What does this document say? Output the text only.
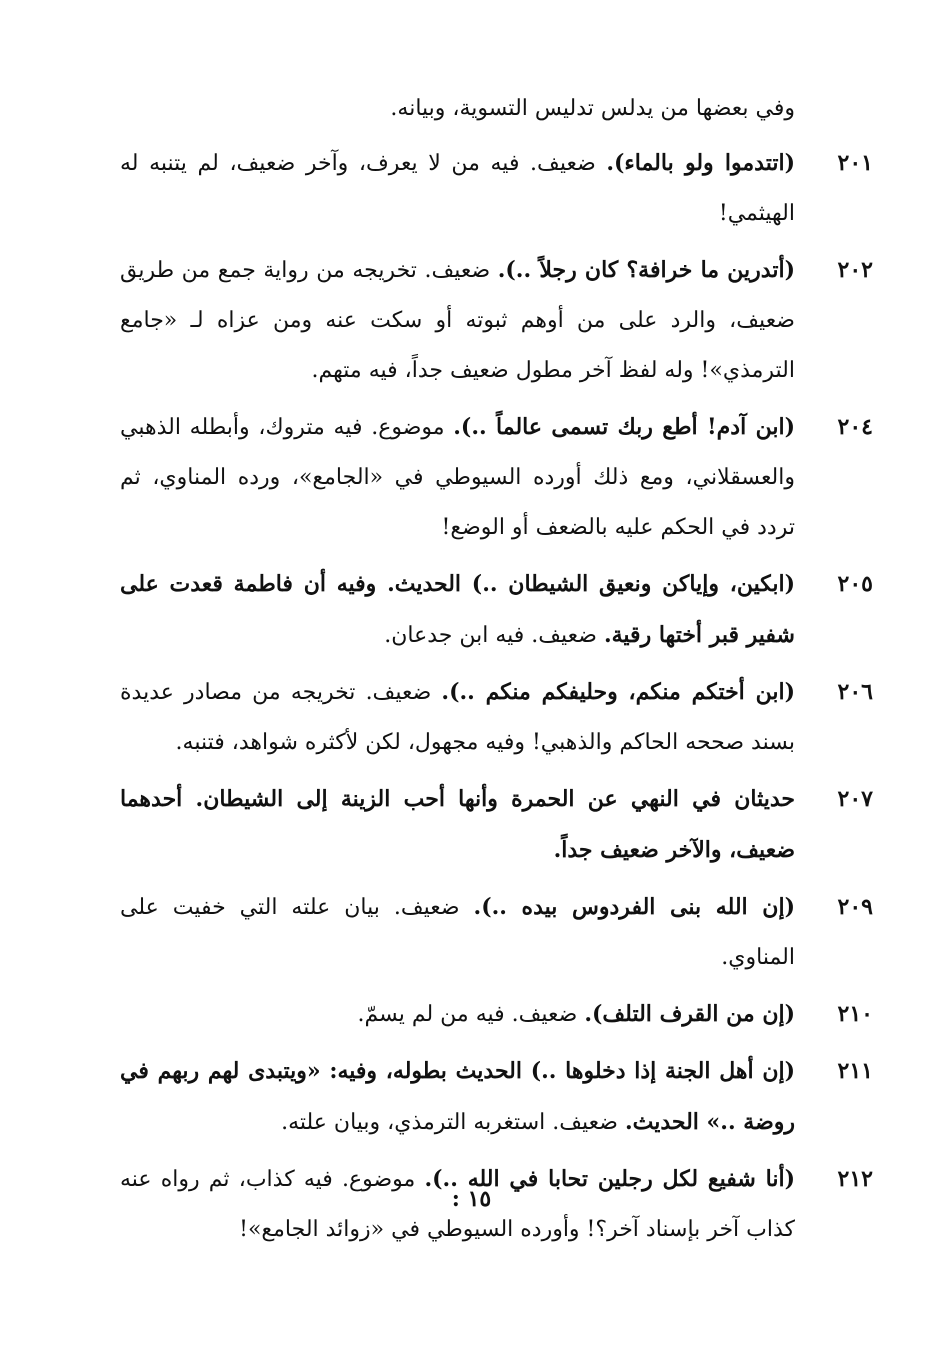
وفي بعضها من يدلس تدليس التسوية، وبيانه.

٢٠١
(اتتدموا ولو بالماء). ضعيف. فيه من لا يعرف، وآخر ضعيف، لم يتنبه له الهيثمي!
٢٠٢
(أتدرين ما خرافة؟ كان رجلاً ..). ضعيف. تخريجه من رواية جمع من طريق ضعيف، والرد على من أوهم ثبوته أو سكت عنه ومن عزاه لـ «جامع الترمذي»! وله لفظ آخر مطول ضعيف جداً، فيه متهم.
٢٠٤
(ابن آدم! أطع ربك تسمى عالماً ..). موضوع. فيه متروك، وأبطله الذهبي والعسقلاني، ومع ذلك أورده السيوطي في «الجامع»، ورده المناوي، ثم تردد في الحكم عليه بالضعف أو الوضع!
٢٠٥
(ابكين، وإياكن ونعيق الشيطان ..) الحديث. وفيه أن فاطمة قعدت على شفير قبر أختها رقية. ضعيف. فيه ابن جدعان.
٢٠٦
(ابن أختكم منكم، وحليفكم منكم ..). ضعيف. تخريجه من مصادر عديدة بسند صححه الحاكم والذهبي! وفيه مجهول، لكن لأكثره شواهد، فتنبه.
٢٠٧
حديثان في النهي عن الحمرة وأنها أحب الزينة إلى الشيطان. أحدهما ضعيف، والآخر ضعيف جداً.
٢٠٩
(إن الله بنى الفردوس بيده ..). ضعيف. بيان علته التي خفيت على المناوي.
٢١٠
(إن من القرف التلف). ضعيف. فيه من لم يسمّ.
٢١١
(إن أهل الجنة إذا دخلوها ..) الحديث بطوله، وفيه: «ويتبدى لهم ربهم في روضة ..» الحديث. ضعيف. استغربه الترمذي، وبيان علته.
٢١٢
(أنا شفيع لكل رجلين تحابا في الله ..). موضوع. فيه كذاب، ثم رواه عنه كذاب آخر بإسناد آخر؟! وأورده السيوطي في «زوائد الجامع»!
١٥ :
